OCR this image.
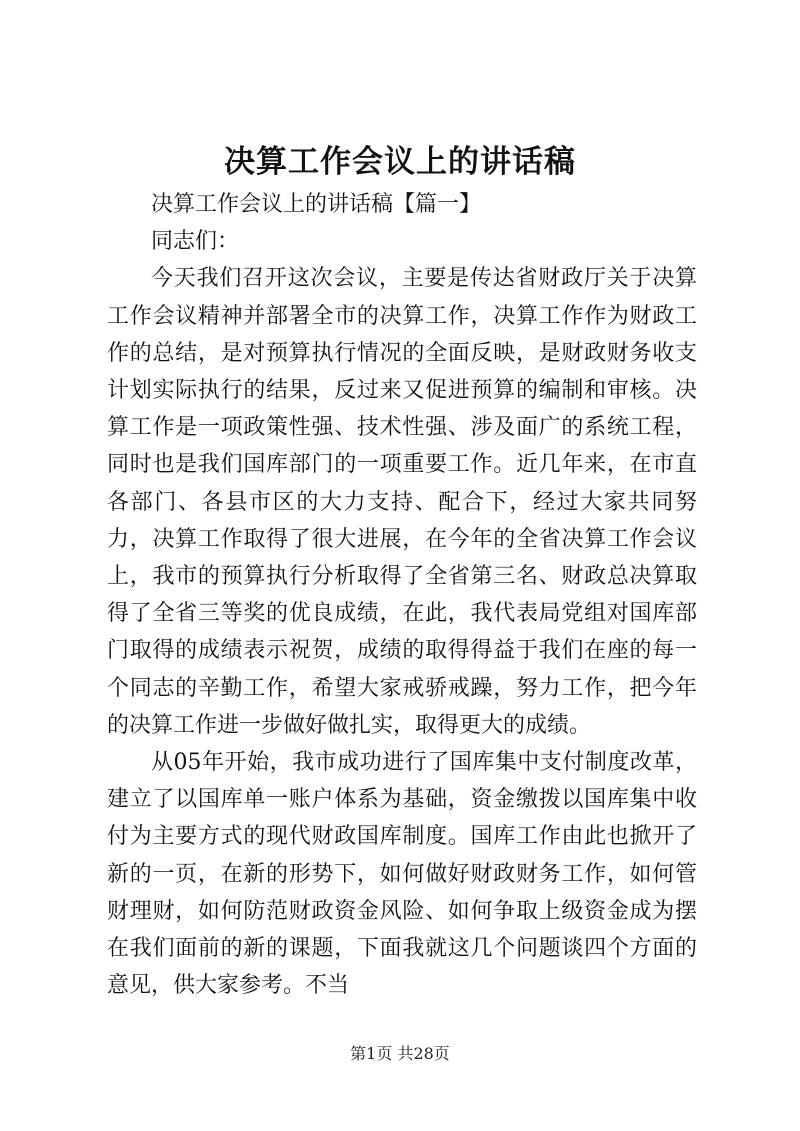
决算工作会议上的讲话稿

决算工作会议上的讲话稿【篇一】

同志们：

今天我们召开这次会议，主要是传达省财政厅关于决算工作会议精神并部署全市的决算工作，决算工作作为财政工作的总结，是对预算执行情况的全面反映，是财政财务收支计划实际执行的结果，反过来又促进预算的编制和审核。决算工作是一项政策性强、技术性强、涉及面广的系统工程，同时也是我们国库部门的一项重要工作。近几年来，在市直各部门、各县市区的大力支持、配合下，经过大家共同努力，决算工作取得了很大进展，在今年的全省决算工作会议上，我市的预算执行分析取得了全省第三名、财政总决算取得了全省三等奖的优良成绩，在此，我代表局党组对国库部门取得的成绩表示祝贺，成绩的取得得益于我们在座的每一个同志的辛勤工作，希望大家戒骄戒躁，努力工作，把今年的决算工作进一步做好做扎实，取得更大的成绩。

从05年开始，我市成功进行了国库集中支付制度改革，建立了以国库单一账户体系为基础，资金缴拨以国库集中收付为主要方式的现代财政国库制度。国库工作由此也掀开了新的一页，在新的形势下，如何做好财政财务工作，如何管财理财，如何防范财政资金风险、如何争取上级资金成为摆在我们面前的新的课题，下面我就这几个问题谈四个方面的意见，供大家参考。不当

第1页 共28页
